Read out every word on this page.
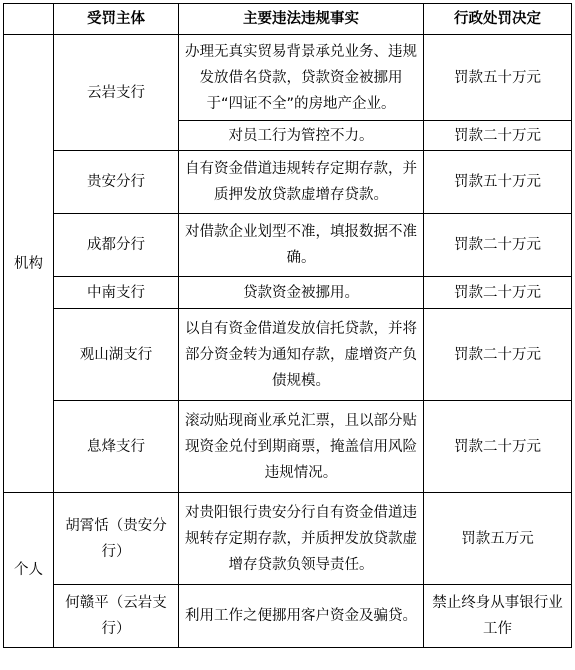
	受罚主体	主要违法违规事实	行政处罚决定
机构	云岩支行	办理无真实贸易背景承兑业务、违规发放借名贷款，贷款资金被挪用于“四证不全”的房地产企业。	罚款五十万元
		对员工行为管控不力。	罚款二十万元
	贵安分行	自有资金借道违规转存定期存款，并质押发放贷款虚增存贷款。	罚款五十万元
	成都分行	对借款企业划型不准，填报数据不准确。	罚款二十万元
	中南支行	贷款资金被挪用。	罚款二十万元
	观山湖支行	以自有资金借道发放信托贷款，并将部分资金转为通知存款，虚增资产负债规模。	罚款二十万元
	息烽支行	滚动贴现商业承兑汇票，且以部分贴现资金兑付到期商票，掩盖信用风险违规情况。	罚款二十万元
个人	胡霄恬（贵安分行）	对贵阳银行贵安分行自有资金借道违规转存定期存款，并质押发放贷款虚增存贷款负领导责任。	罚款五万元
	何赣平（云岩支行）	利用工作之便挪用客户资金及骗贷。	禁止终身从事银行业工作
